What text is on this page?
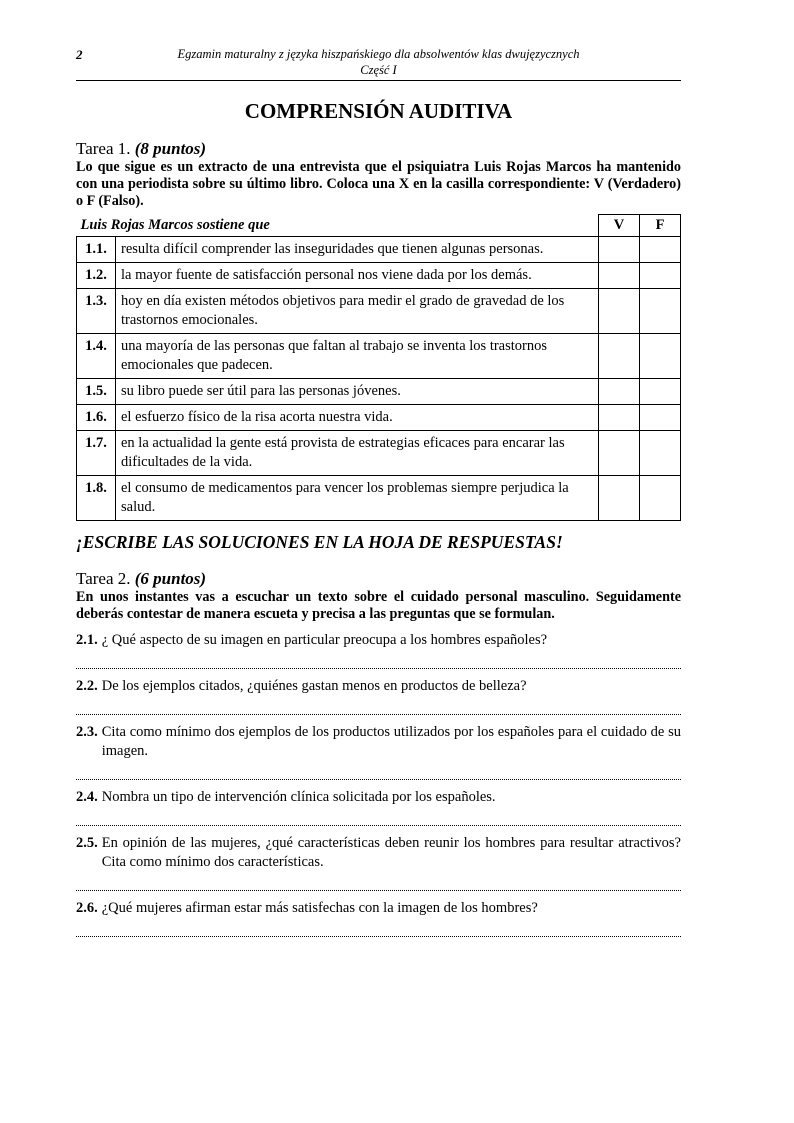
2	Egzamin maturalny z języka hiszpańskiego dla absolwentów klas dwujęzycznych
Część I
COMPRENSIÓN AUDITIVA
Tarea 1. (8 puntos)
Lo que sigue es un extracto de una entrevista que el psiquiatra Luis Rojas Marcos ha mantenido con una periodista sobre su último libro. Coloca una X en la casilla correspondiente: V (Verdadero) o F (Falso).
Luis Rojas Marcos sostiene que		V	F
1.1.	resulta difícil comprender las inseguridades que tienen algunas personas.		
1.2.	la mayor fuente de satisfacción personal nos viene dada por los demás.		
1.3.	hoy en día existen métodos objetivos para medir el grado de gravedad de los trastornos emocionales.		
1.4.	una mayoría de las personas que faltan al trabajo se inventa los trastornos emocionales que padecen.		
1.5.	su libro puede ser útil para las personas jóvenes.		
1.6.	el esfuerzo físico de la risa acorta nuestra vida.		
1.7.	en la actualidad la gente está provista de estrategias eficaces para encarar las dificultades de la vida.		
1.8.	el consumo de medicamentos para vencer los problemas siempre perjudica la salud.		
¡ESCRIBE LAS SOLUCIONES EN LA HOJA DE RESPUESTAS!
Tarea 2. (6 puntos)
En unos instantes vas a escuchar un texto sobre el cuidado personal masculino. Seguidamente deberás contestar de manera escueta y precisa a las preguntas que se formulan.
2.1. ¿ Qué aspecto de su imagen en particular preocupa a los hombres españoles?
2.2. De los ejemplos citados, ¿quiénes gastan menos en productos de belleza?
2.3. Cita como mínimo dos ejemplos de los productos utilizados por los españoles para el cuidado de su imagen.
2.4. Nombra un tipo de intervención clínica solicitada por los españoles.
2.5. En opinión de las mujeres, ¿qué características deben reunir los hombres para resultar atractivos? Cita como mínimo dos características.
2.6. ¿Qué mujeres afirman estar más satisfechas con la imagen de los hombres?
